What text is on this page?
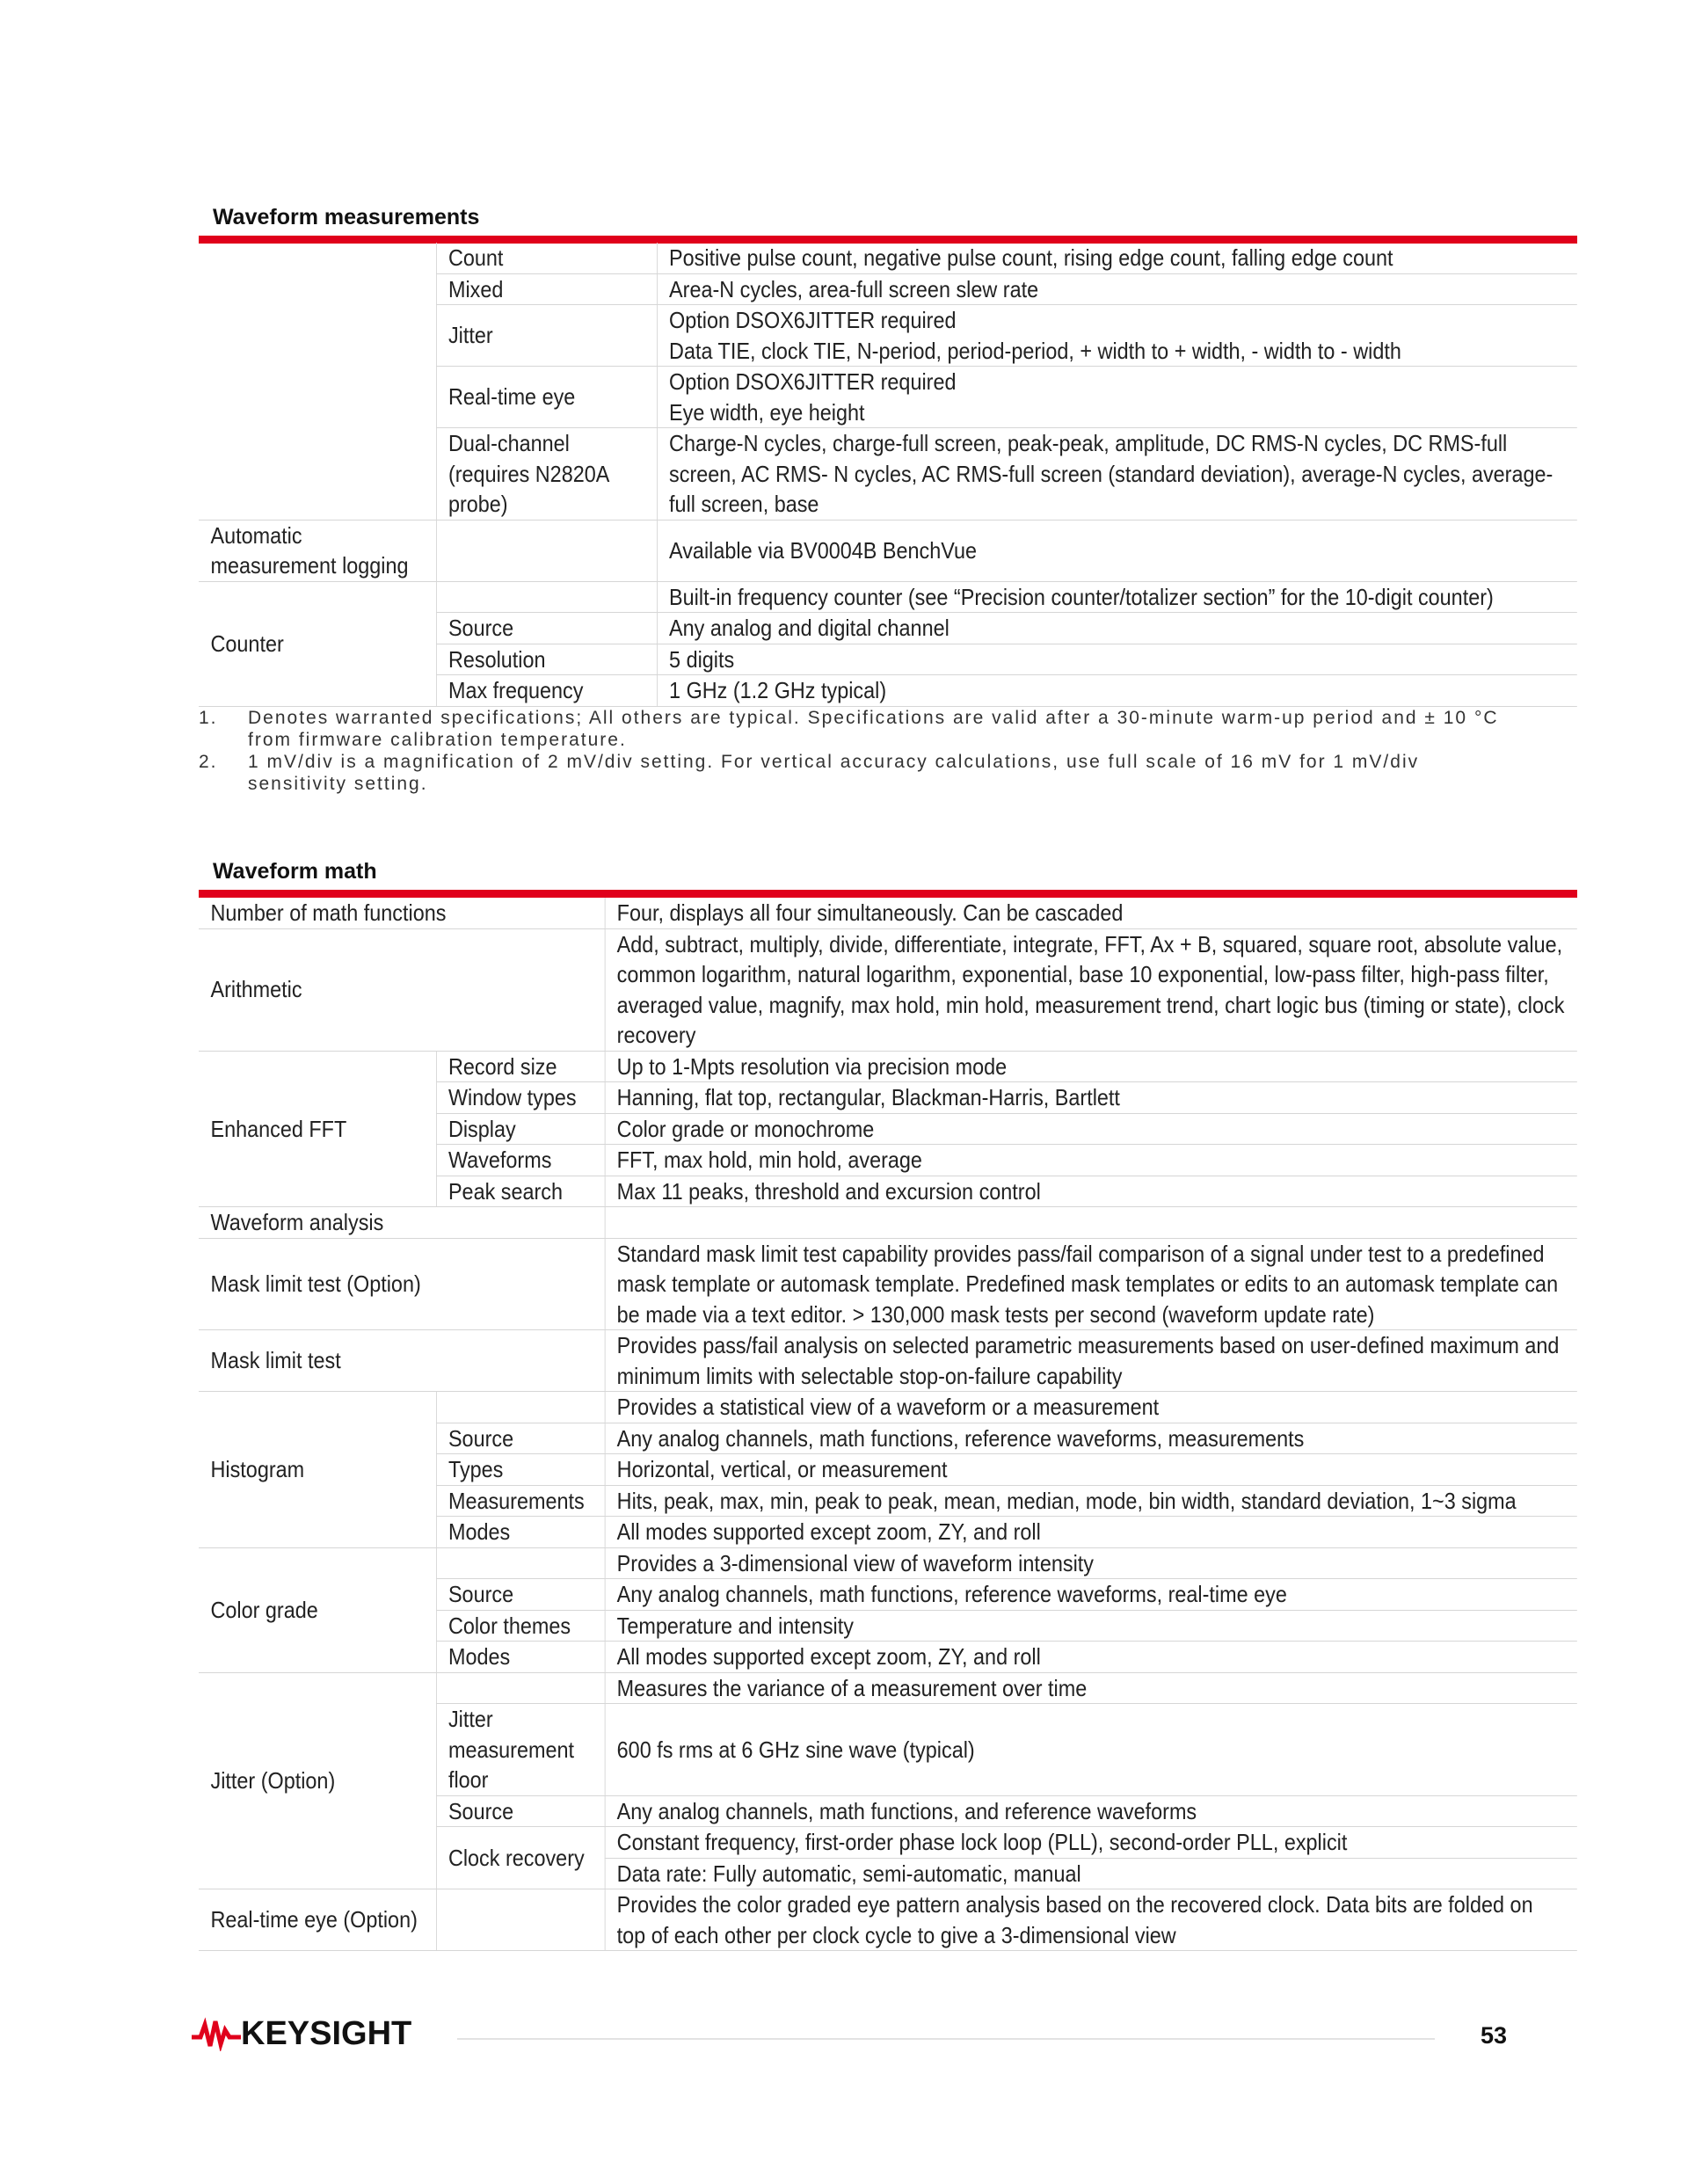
Waveform measurements
	Count	Positive pulse count, negative pulse count, rising edge count, falling edge count
	Mixed	Area-N cycles, area-full screen slew rate
	Jitter	Option DSOX6JITTER required
Data TIE, clock TIE, N-period, period-period, + width to + width, - width to - width

	Real-time eye	Option DSOX6JITTER required
Eye width, eye height

	Dual-channel (requires N2820A probe)	Charge-N cycles, charge-full screen, peak-peak, amplitude, DC RMS-N cycles, DC RMS-full screen, AC RMS- N cycles, AC RMS-full screen (standard deviation), average-N cycles, average-full screen, base
Automatic measurement logging		Available via BV0004B BenchVue
Counter		Built-in frequency counter (see “Precision counter/totalizer section” for the 10-digit counter)
	Source	Any analog and digital channel
	Resolution	5 digits
	Max frequency	1 GHz (1.2 GHz typical)
1. Denotes warranted specifications; All others are typical. Specifications are valid after a 30-minute warm-up period and ± 10 °C from firmware calibration temperature.
2. 1 mV/div is a magnification of 2 mV/div setting. For vertical accuracy calculations, use full scale of 16 mV for 1 mV/div sensitivity setting.
Waveform math
Number of math functions		Four, displays all four simultaneously. Can be cascaded
Arithmetic		Add, subtract, multiply, divide, differentiate, integrate, FFT, Ax + B, squared, square root, absolute value, common logarithm, natural logarithm, exponential, base 10 exponential, low-pass filter, high-pass filter, averaged value, magnify, max hold, min hold, measurement trend, chart logic bus (timing or state), clock recovery
Enhanced FFT	Record size	Up to 1-Mpts resolution via precision mode
	Window types	Hanning, flat top, rectangular, Blackman-Harris, Bartlett
	Display	Color grade or monochrome
	Waveforms	FFT, max hold, min hold, average
	Peak search	Max 11 peaks, threshold and excursion control
Waveform analysis		
Mask limit test (Option)		Standard mask limit test capability provides pass/fail comparison of a signal under test to a predefined mask template or automask template. Predefined mask templates or edits to an automask template can be made via a text editor. > 130,000 mask tests per second (waveform update rate)
Mask limit test		Provides pass/fail analysis on selected parametric measurements based on user-defined maximum and minimum limits with selectable stop-on-failure capability
Histogram		Provides a statistical view of a waveform or a measurement
	Source	Any analog channels, math functions, reference waveforms, measurements
	Types	Horizontal, vertical, or measurement
	Measurements	Hits, peak, max, min, peak to peak, mean, median, mode, bin width, standard deviation, 1~3 sigma
	Modes	All modes supported except zoom, ZY, and roll
Color grade		Provides a 3-dimensional view of waveform intensity
	Source	Any analog channels, math functions, reference waveforms, real-time eye
	Color themes	Temperature and intensity
	Modes	All modes supported except zoom, ZY, and roll
Jitter (Option)		Measures the variance of a measurement over time
	Jitter measurement floor	600 fs rms at 6 GHz sine wave (typical)
	Source	Any analog channels, math functions, and reference waveforms
	Clock recovery	Constant frequency, first-order phase lock loop (PLL), second-order PLL, explicit
		Data rate: Fully automatic, semi-automatic, manual
Real-time eye (Option)		Provides the color graded eye pattern analysis based on the recovered clock. Data bits are folded on top of each other per clock cycle to give a 3-dimensional view
KEYSIGHT	53
